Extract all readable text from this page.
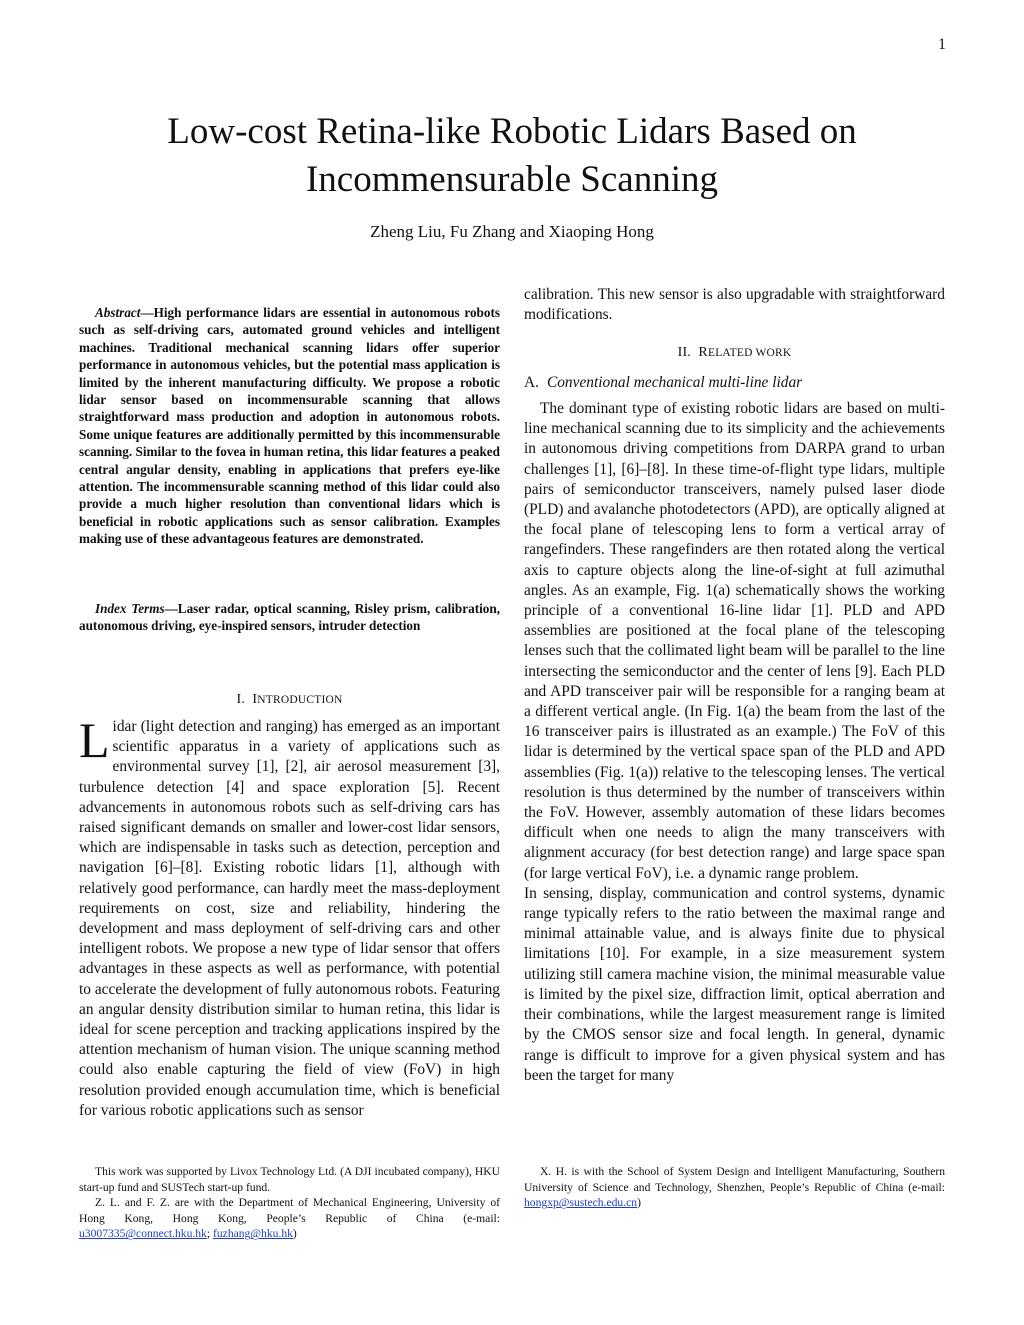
1
Low-cost Retina-like Robotic Lidars Based on
Incommensurable Scanning
Zheng Liu, Fu Zhang and Xiaoping Hong
Abstract—High performance lidars are essential in autonomous robots such as self-driving cars, automated ground vehicles and intelligent machines. Traditional mechanical scanning lidars offer superior performance in autonomous vehicles, but the potential mass application is limited by the inherent manufacturing difficulty. We propose a robotic lidar sensor based on incommensurable scanning that allows straightforward mass production and adoption in autonomous robots. Some unique features are additionally permitted by this incommensurable scanning. Similar to the fovea in human retina, this lidar features a peaked central angular density, enabling in applications that prefers eye-like attention. The incommensurable scanning method of this lidar could also provide a much higher resolution than conventional lidars which is beneficial in robotic applications such as sensor calibration. Examples making use of these advantageous features are demonstrated.
Index Terms—Laser radar, optical scanning, Risley prism, calibration, autonomous driving, eye-inspired sensors, intruder detection

I. INTRODUCTION

Lidar (light detection and ranging) has emerged as an important scientific apparatus in a variety of applications such as environmental survey [1], [2], air aerosol measurement [3], turbulence detection [4] and space exploration [5]. Recent advancements in autonomous robots such as self-driving cars has raised significant demands on smaller and lower-cost lidar sensors, which are indispensable in tasks such as detection, perception and navigation [6]–[8]. Existing robotic lidars [1], although with relatively good performance, can hardly meet the mass-deployment requirements on cost, size and reliability, hindering the development and mass deployment of self-driving cars and other intelligent robots. We propose a new type of lidar sensor that offers advantages in these aspects as well as performance, with potential to accelerate the development of fully autonomous robots. Featuring an angular density distribution similar to human retina, this lidar is ideal for scene perception and tracking applications inspired by the attention mechanism of human vision. The unique scanning method could also enable capturing the field of view (FoV) in high resolution provided enough accumulation time, which is beneficial for various robotic applications such as sensor
calibration. This new sensor is also upgradable with straightforward modifications.

II. RELATED WORK

A. Conventional mechanical multi-line lidar

The dominant type of existing robotic lidars are based on multi-line mechanical scanning due to its simplicity and the achievements in autonomous driving competitions from DARPA grand to urban challenges [1], [6]–[8]. In these time-of-flight type lidars, multiple pairs of semiconductor transceivers, namely pulsed laser diode (PLD) and avalanche photodetectors (APD), are optically aligned at the focal plane of telescoping lens to form a vertical array of rangefinders. These rangefinders are then rotated along the vertical axis to capture objects along the line-of-sight at full azimuthal angles. As an example, Fig. 1(a) schematically shows the working principle of a conventional 16-line lidar [1]. PLD and APD assemblies are positioned at the focal plane of the telescoping lenses such that the collimated light beam will be parallel to the line intersecting the semiconductor and the center of lens [9]. Each PLD and APD transceiver pair will be responsible for a ranging beam at a different vertical angle. (In Fig. 1(a) the beam from the last of the 16 transceiver pairs is illustrated as an example.) The FoV of this lidar is determined by the vertical space span of the PLD and APD assemblies (Fig. 1(a)) relative to the telescoping lenses. The vertical resolution is thus determined by the number of transceivers within the FoV. However, assembly automation of these lidars becomes difficult when one needs to align the many transceivers with alignment accuracy (for best detection range) and large space span (for large vertical FoV), i.e. a dynamic range problem.

In sensing, display, communication and control systems, dynamic range typically refers to the ratio between the maximal range and minimal attainable value, and is always finite due to physical limitations [10]. For example, in a size measurement system utilizing still camera machine vision, the minimal measurable value is limited by the pixel size, diffraction limit, optical aberration and their combinations, while the largest measurement range is limited by the CMOS sensor size and focal length. In general, dynamic range is difficult to improve for a given physical system and has been the target for many

This work was supported by Livox Technology Ltd. (A DJI incubated company), HKU start-up fund and SUSTech start-up fund.

Z. L. and F. Z. are with the Department of Mechanical Engineering, University of Hong Kong, Hong Kong, People’s Republic of China (e-mail: u3007335@connect.hku.hk; fuzhang@hku.hk)

X. H. is with the School of System Design and Intelligent Manufacturing, Southern University of Science and Technology, Shenzhen, People’s Republic of China (e-mail: hongxp@sustech.edu.cn)
